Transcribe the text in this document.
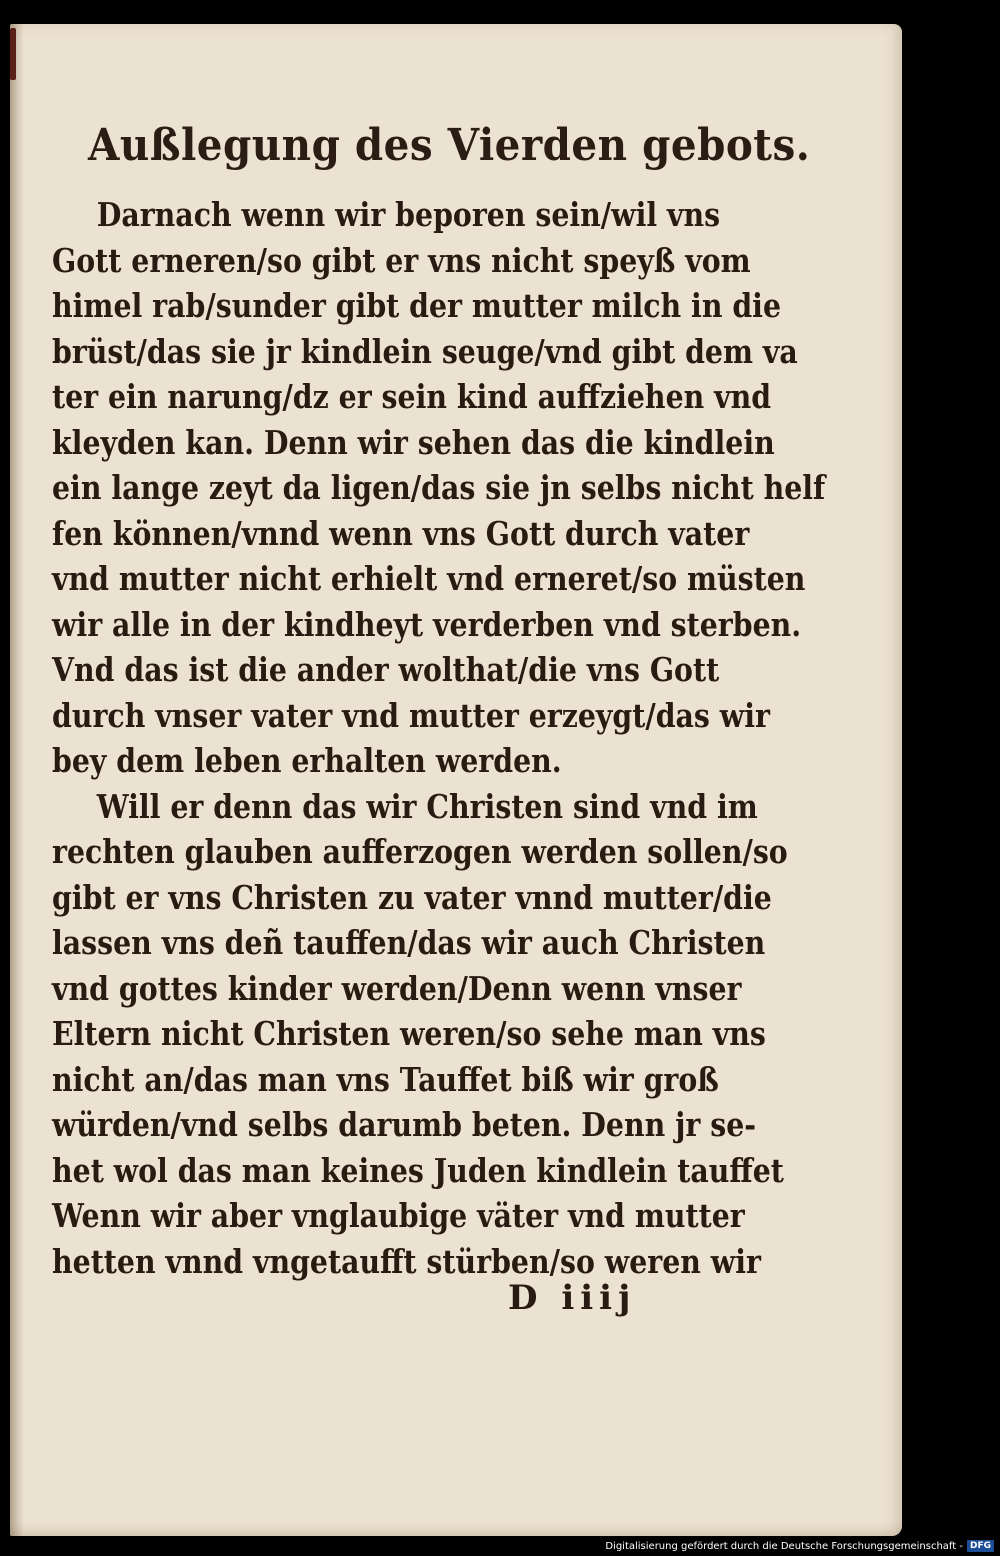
Außlegung des Vierden gebots.
Darnach wenn wir beporen sein/wil vns
Gott erneren/so gibt er vns nicht speyß vom
himel rab/sunder gibt der mutter milch in die
brüst/das sie jr kindlein seuge/vnd gibt dem va
ter ein narung/dz er sein kind auffziehen vnd
kleyden kan. Denn wir sehen das die kindlein
ein lange zeyt da ligen/das sie jn selbs nicht helf
fen können/vnnd wenn vns Gott durch vater
vnd mutter nicht erhielt vnd erneret/so müsten
wir alle in der kindheyt verderben vnd sterben.
Vnd das ist die ander wolthat/die vns Gott
durch vnser vater vnd mutter erzeygt/das wir
bey dem leben erhalten werden.
Will er denn das wir Christen sind vnd im
rechten glauben aufferzogen werden sollen/so
gibt er vns Christen zu vater vnnd mutter/die
lassen vns deñ tauffen/das wir auch Christen
vnd gottes kinder werden/Denn wenn vnser
Eltern nicht Christen weren/so sehe man vns
nicht an/das man vns Tauffet biß wir groß
würden/vnd selbs darumb beten. Denn jr se-
het wol das man keines Juden kindlein tauffet
Wenn wir aber vnglaubige väter vnd mutter
hetten vnnd vngetaufft stürben/so weren wir
D iiij
Digitalisierung gefördert durch die Deutsche Forschungsgemeinschaft - DFG
